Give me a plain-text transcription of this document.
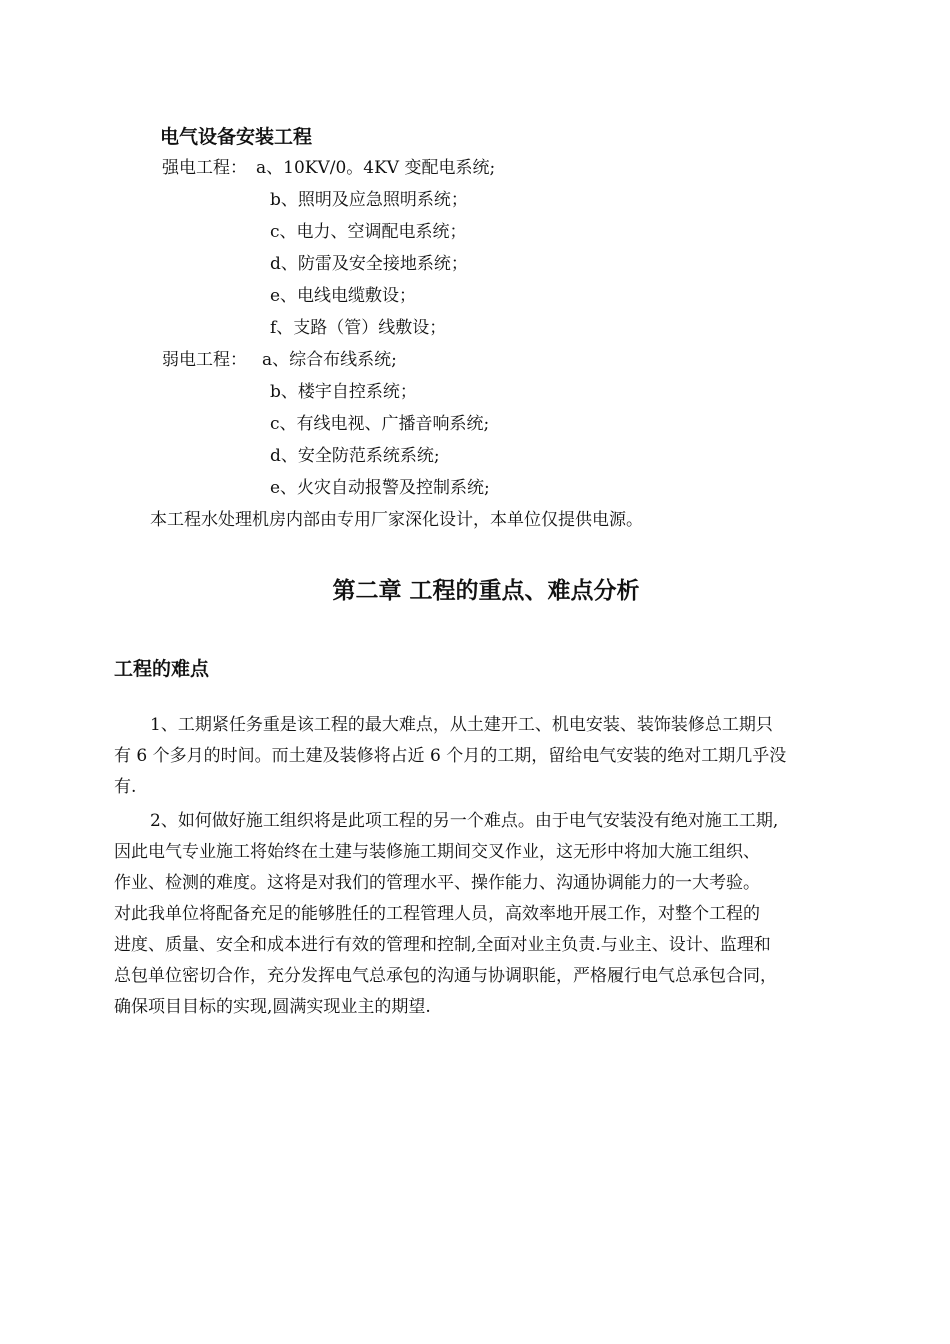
电气设备安装工程
强电工程： a、10KV/0。4KV 变配电系统;
b、照明及应急照明系统；
c、电力、空调配电系统；
d、防雷及安全接地系统；
e、电线电缆敷设；
f、支路（管）线敷设；
弱电工程： a、综合布线系统;
b、楼宇自控系统；
c、有线电视、广播音响系统;
d、安全防范系统系统;
e、火灾自动报警及控制系统;
本工程水处理机房内部由专用厂家深化设计，本单位仅提供电源。
第二章 工程的重点、难点分析
工程的难点
1、工期紧任务重是该工程的最大难点，从土建开工、机电安装、装饰装修总工期只
有 6 个多月的时间。而土建及装修将占近 6 个月的工期，留给电气安装的绝对工期几乎没
有.
2、如何做好施工组织将是此项工程的另一个难点。由于电气安装没有绝对施工工期,
因此电气专业施工将始终在土建与装修施工期间交叉作业，这无形中将加大施工组织、
作业、检测的难度。这将是对我们的管理水平、操作能力、沟通协调能力的一大考验。
对此我单位将配备充足的能够胜任的工程管理人员，高效率地开展工作，对整个工程的
进度、质量、安全和成本进行有效的管理和控制,全面对业主负责.与业主、设计、监理和
总包单位密切合作，充分发挥电气总承包的沟通与协调职能，严格履行电气总承包合同，
确保项目目标的实现,圆满实现业主的期望.
